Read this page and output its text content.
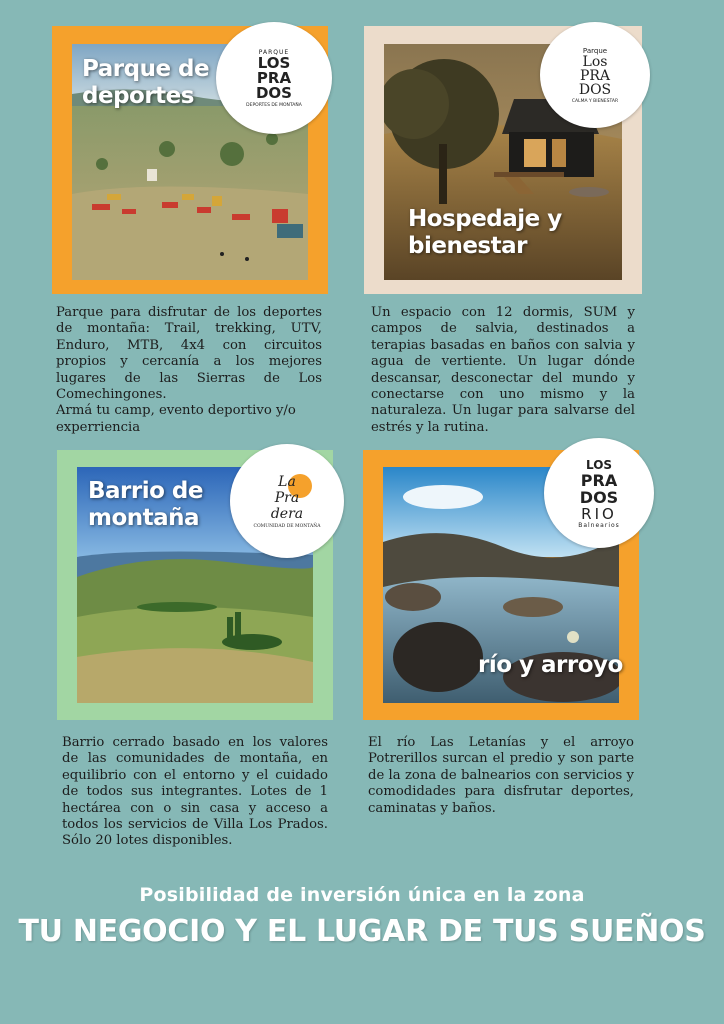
Parque de
deportes
PARQUE
LOS
PRA
DOS
DEPORTES DE MONTAÑA

Parque para disfrutar de los deportes de montaña: Trail, trekking, UTV, Enduro, MTB, 4x4 con circuitos propios y cercanía a los mejores lugares de las Sierras de Los Comechingones.

Armá tu camp, evento deportivo y/o experriencia

Hospedaje y
bienestar
Parque
Los
PRA
DOS
CALMA Y BIENESTAR

Un espacio con 12 dormis, SUM y campos de salvia, destinados a terapias basadas en baños con salvia y agua de vertiente. Un lugar dónde descansar, desconectar del mundo y conectarse con uno mismo y la naturaleza. Un lugar para salvarse del estrés y la rutina.

Barrio de
montaña
La
Pra
dera
COMUNIDAD DE MONTAÑA

Barrio cerrado basado en los valores de las comunidades de montaña, en equilibrio con el entorno y el cuidado de todos sus integrantes. Lotes de 1 hectárea con o sin casa y acceso a todos los servicios de Villa Los Prados. Sólo 20 lotes disponibles.

río y arroyo
LOS
PRA
DOS
RIO
Balnearios

El río Las Letanías y el arroyo Potrerillos surcan el predio y son parte de la zona de balnearios con servicios y comodidades para disfrutar deportes, caminatas y baños.

Posibilidad de inversión única en la zona
TU NEGOCIO Y EL LUGAR DE TUS SUEÑOS
